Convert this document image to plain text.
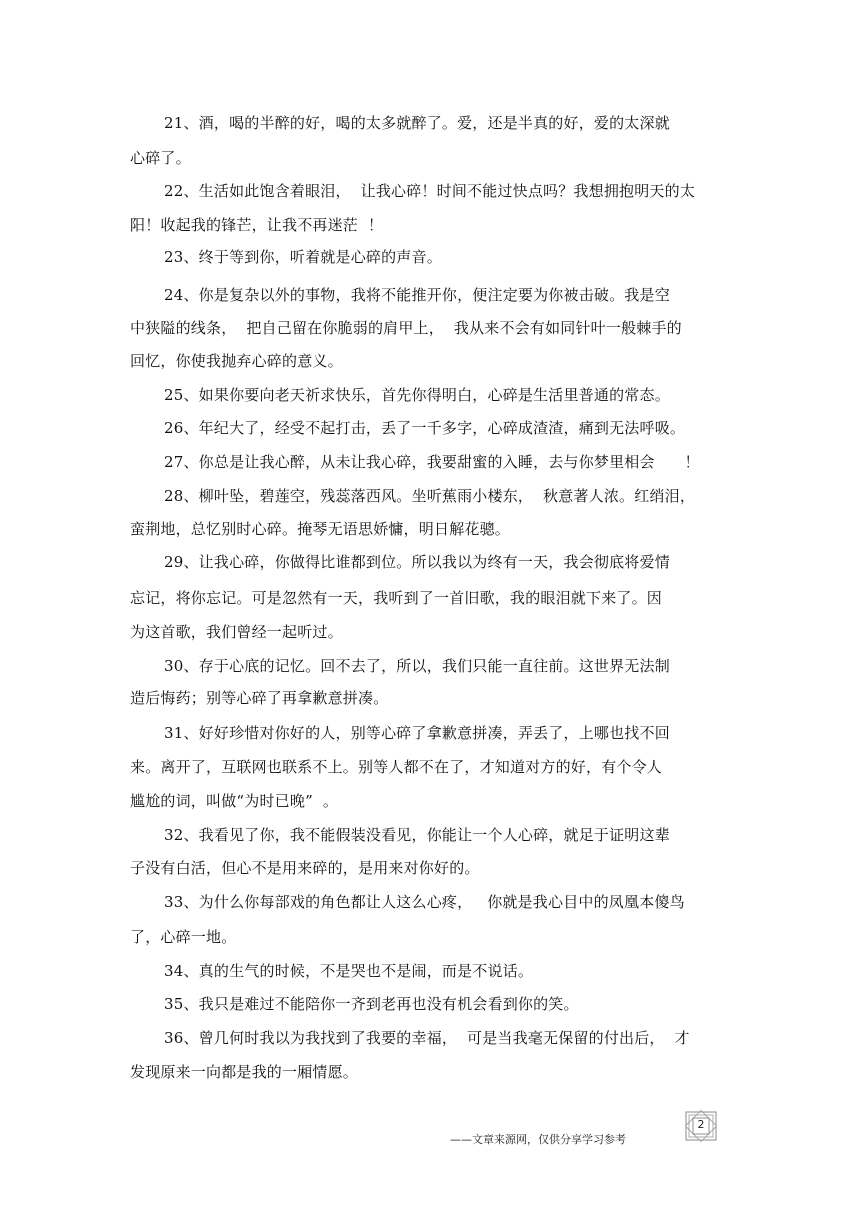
21、酒，喝的半醉的好，喝的太多就醉了。爱，还是半真的好，爱的太深就

心碎了。

22、生活如此饱含着眼泪，  让我心碎！时间不能过快点吗？我想拥抱明天的太

阳！收起我的锋芒，让我不再迷茫  ！

23、终于等到你，听着就是心碎的声音。

24、你是复杂以外的事物，我将不能推开你，便注定要为你被击破。我是空

中狭隘的线条，  把自己留在你脆弱的肩甲上，  我从来不会有如同针叶一般棘手的

回忆，你使我抛弃心碎的意义。

25、如果你要向老天祈求快乐，首先你得明白，心碎是生活里普通的常态。

26、年纪大了，经受不起打击，丢了一千多字，心碎成渣渣，痛到无法呼吸。

27、你总是让我心醉，从未让我心碎，我要甜蜜的入睡，去与你梦里相会      ！

28、柳叶坠，碧莲空，残蕊落西风。坐听蕉雨小楼东，  秋意著人浓。红绡泪，

蛮荆地，总忆别时心碎。掩琴无语思娇慵，明日解花骢。

29、让我心碎，你做得比谁都到位。所以我以为终有一天，我会彻底将爱情

忘记，将你忘记。可是忽然有一天，我听到了一首旧歌，我的眼泪就下来了。因

为这首歌，我们曾经一起听过。

30、存于心底的记忆。回不去了，所以，我们只能一直往前。这世界无法制

造后悔药；别等心碎了再拿歉意拼凑。

31、好好珍惜对你好的人，别等心碎了拿歉意拼凑，弄丢了，上哪也找不回

来。离开了，互联网也联系不上。别等人都不在了，才知道对方的好，有个令人

尴尬的词，叫做“为时已晚”  。

32、我看见了你，我不能假装没看见，你能让一个人心碎，就足于证明这辈

子没有白活，但心不是用来碎的，是用来对你好的。

33、为什么你每部戏的角色都让人这么心疼，   你就是我心目中的凤凰本傻鸟

了，心碎一地。

34、真的生气的时候，不是哭也不是闹，而是不说话。

35、我只是难过不能陪你一齐到老再也没有机会看到你的笑。

36、曾几何时我以为我找到了我要的幸福，  可是当我毫无保留的付出后，  才

发现原来一向都是我的一厢情愿。

——文章来源网，仅供分享学习参考
2
